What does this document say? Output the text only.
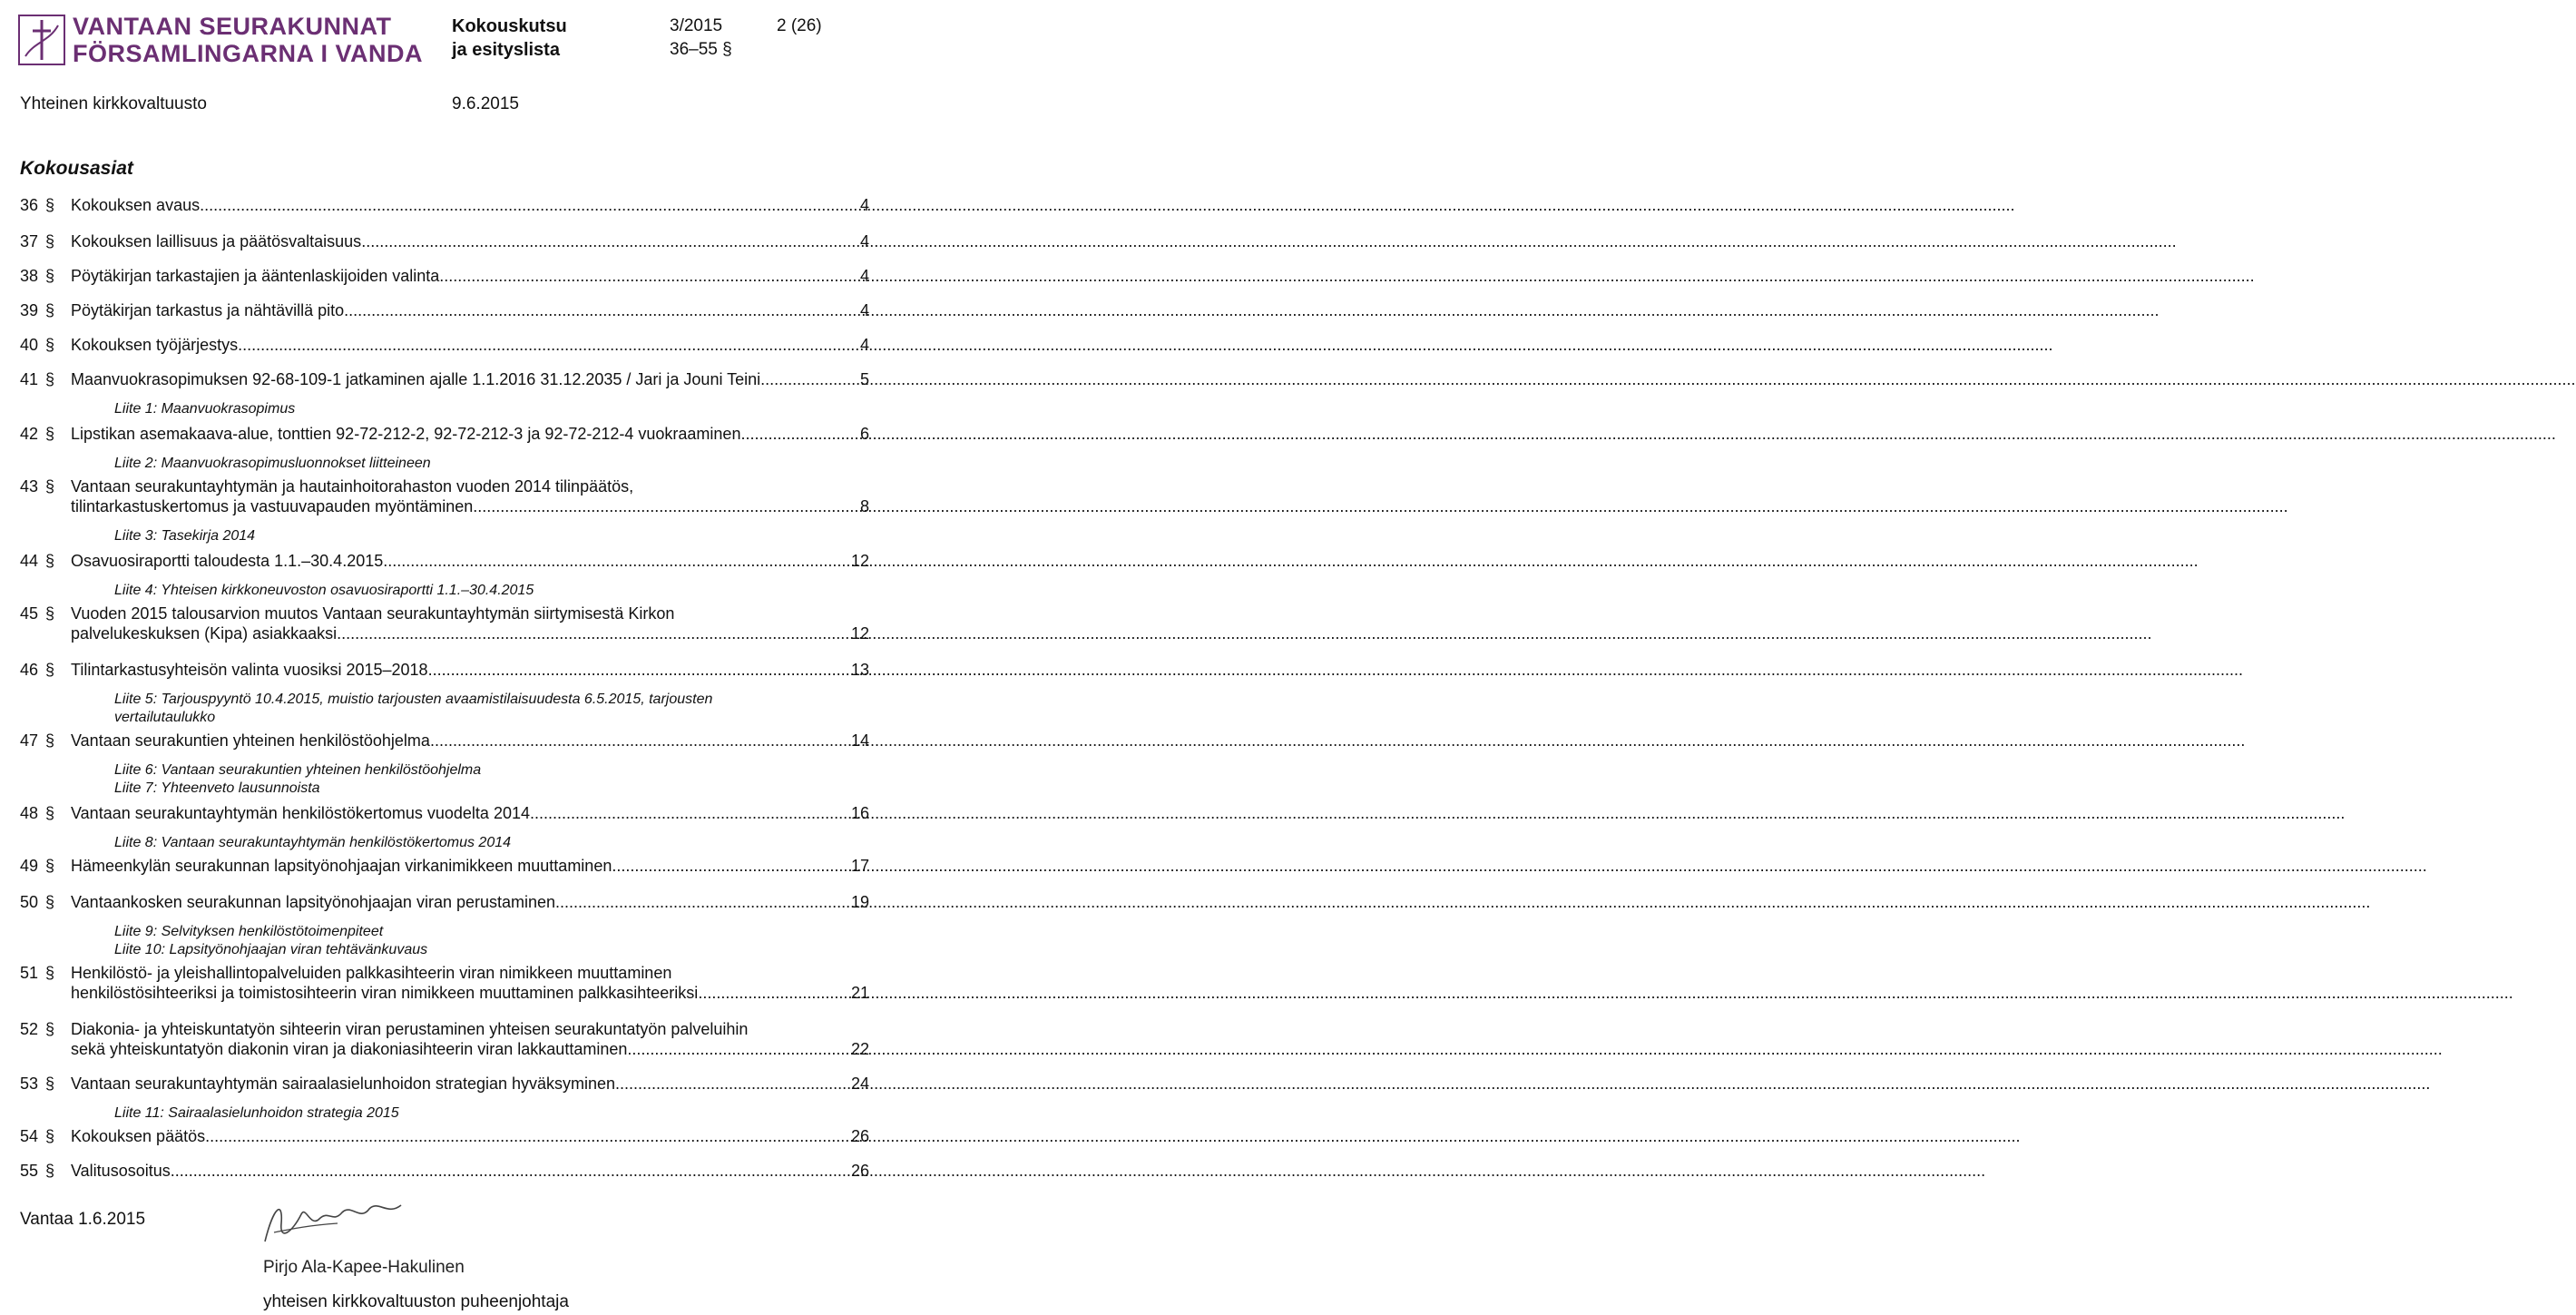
VANTAAN SEURAKUNNAT
FÖRSAMLINGARNA I VANDA
Kokouskutsu
ja esityslista
3/2015
36–55 §
2 (26)
Yhteinen kirkkovaltuusto	9.6.2015
Kokousasiat
36 § Kokouksen avaus .....	4
37 § Kokouksen laillisuus ja päätösvaltaisuus .....	4
38 § Pöytäkirjan tarkastajien ja ääntenlaskijoiden valinta .....	4
39 § Pöytäkirjan tarkastus ja nähtävillä pito .....	4
40 § Kokouksen työjärjestys .....	4
41 § Maanvuokrasopimuksen 92-68-109-1 jatkaminen ajalle 1.1.2016 31.12.2035 / Jari ja Jouni Teini .....	5
Liite 1: Maanvuokrasopimus
42 § Lipstikan asemakaava-alue, tonttien 92-72-212-2, 92-72-212-3 ja 92-72-212-4 vuokraaminen .....	6
Liite 2: Maanvuokrasopimusluonnokset liitteineen
43 § Vantaan seurakuntayhtymän ja hautainhoitorahaston vuoden 2014 tilinpäätös,
tilintarkastuskertomus ja vastuuvapauden myöntäminen .....	8
Liite 3: Tasekirja 2014
44 § Osavuosiraportti taloudesta 1.1.–30.4.2015 .....	12
Liite 4: Yhteisen kirkkoneuvoston osavuosiraportti 1.1.–30.4.2015
45 § Vuoden 2015 talousarvion muutos Vantaan seurakuntayhtymän siirtymisestä Kirkon
palvelukeskuksen (Kipa) asiakkaaksi .....	12
46 § Tilintarkastusyhteisön valinta vuosiksi 2015–2018 .....	13
Liite 5: Tarjouspyyntö 10.4.2015, muistio tarjousten avaamistilaisuudesta 6.5.2015, tarjousten
vertailutaulukko
47 § Vantaan seurakuntien yhteinen henkilöstöohjelma .....	14
Liite 6: Vantaan seurakuntien yhteinen henkilöstöohjelma
Liite 7: Yhteenveto lausunnoista
48 § Vantaan seurakuntayhtymän henkilöstökertomus vuodelta 2014 .....	16
Liite 8: Vantaan seurakuntayhtymän henkilöstökertomus 2014
49 § Hämeenkylän seurakunnan lapsityönohjaajan virkanimikkeen muuttaminen .....	17
50 § Vantaankosken seurakunnan lapsityönohjaajan viran perustaminen .....	19
Liite 9: Selvityksen henkilöstötoimenpiteet
Liite 10: Lapsityönohjaajan viran tehtävänkuvaus
51 § Henkilöstö- ja yleishallintopalveluiden palkkasihteerin viran nimikkeen muuttaminen
henkilöstösihteeriksi ja toimistosihteerin viran nimikkeen muuttaminen palkkasihteeriksi .....	21
52 § Diakonia- ja yhteiskuntatyön sihteerin viran perustaminen yhteisen seurakuntatyön palveluihin
sekä yhteiskuntatyön diakonin viran ja diakoniasihteerin viran lakkauttaminen .....	22
53 § Vantaan seurakuntayhtymän sairaalasielunhoidon strategian hyväksyminen .....	24
Liite 11: Sairaalasielunhoidon strategia 2015
54 § Kokouksen päätös .....	26
55 § Valitusosoitus .....	26
Vantaa 1.6.2015
Pirjo Ala-Kapee-Hakulinen
yhteisen kirkkovaltuuston puheenjohtaja
